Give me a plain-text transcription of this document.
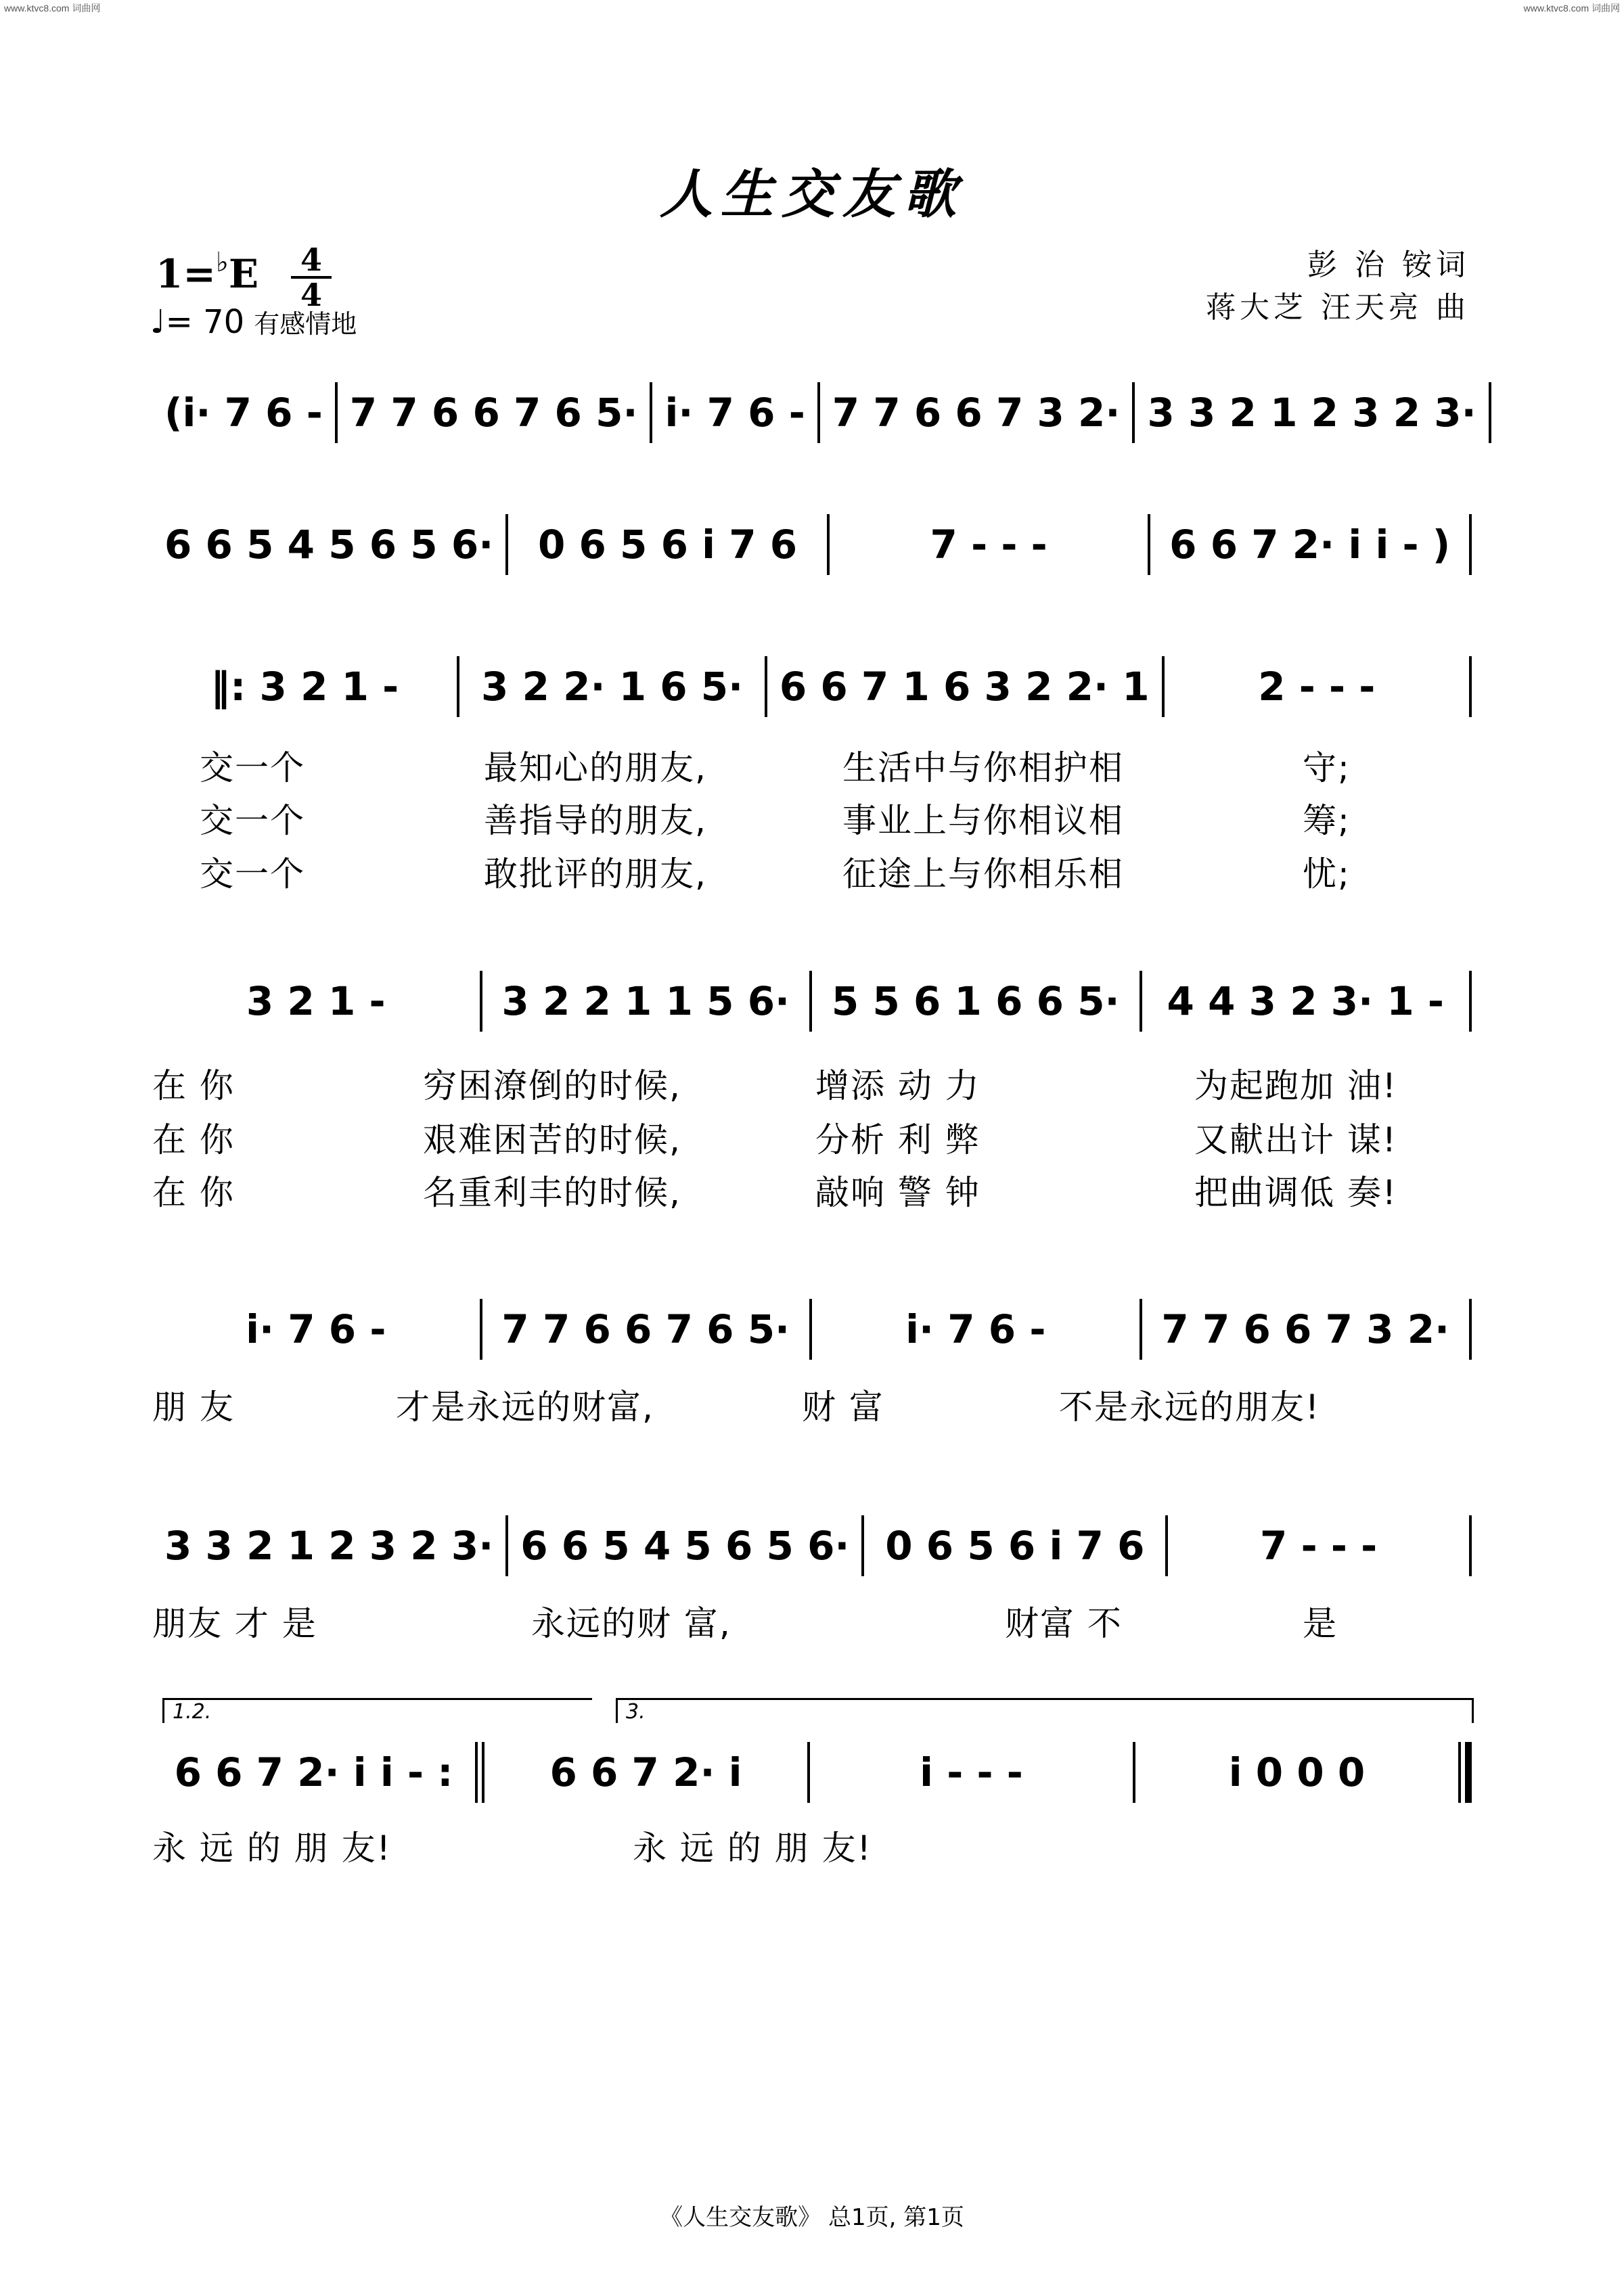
www.ktvc8.com 词曲网	www.ktvc8.com 词曲网
人生交友歌
彭 治 铵词
蒋大芝 汪天亮 曲
1=♭E	4
4
♩= 70 有感情地
(i· 7 6 - 7 7 6 6 7 6 5· i· 7 6 - 7 7 6 6 7 3 2· 3 3 2 1 2 3 2 3·
6 6 5 4 5 6 5 6·	0 6 5 6 i 7 6	7 - - -	6 6 7 2· i i - )
‖: 3 2 1 -	3 2 2· 1 6 5· 6 6 7 1 6 3 2 2· 1	2 - - -
交一个	最知心的朋友,	生活中与你相护相	守;
交一个	善指导的朋友,	事业上与你相议相	筹;
交一个	敢批评的朋友,	征途上与你相乐相	忧;
3 2 1 -	3 2 2 1 1 5 6·	5 5 6 1 6 6 5·	4 4 3 2 3· 1 -
在 你	穷困潦倒的时候,	增添 动 力	为起跑加 油!
在 你	艰难困苦的时候,	分析 利 弊	又献出计 谋!
在 你	名重利丰的时候,	敲响 警 钟	把曲调低 奏!
i· 7 6 -	7 7 6 6 7 6 5·	i· 7 6 -	7 7 6 6 7 3 2·
朋 友	才是永远的财富,	财 富	不是永远的朋友!
3 3 2 1 2 3 2 3· 6 6 5 4 5 6 5 6· 0 6 5 6 i 7 6	7 - - -
朋友 才 是	永远的财 富,	财富 不	是
1.2.	3.
6 6 7 2· i i - :	6 6 7 2· i	i - - -	i 0 0 0
永 远 的 朋 友!	永 远 的 朋 友!
《人生交友歌》 总1页, 第1页
